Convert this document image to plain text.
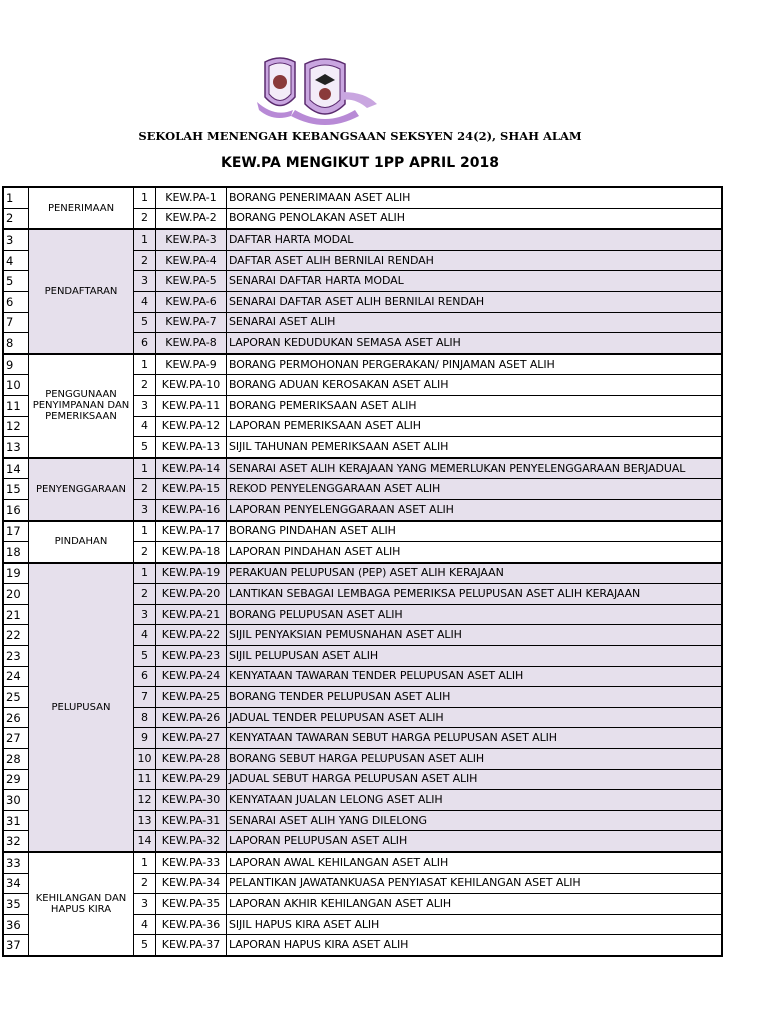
SEKOLAH MENENGAH KEBANGSAAN SEKSYEN 24(2), SHAH ALAM
KEW.PA MENGIKUT 1PP APRIL 2018
1	PENERIMAAN	1	KEW.PA-1	BORANG PENERIMAAN ASET ALIH
2		2	KEW.PA-2	BORANG PENOLAKAN ASET ALIH
3	PENDAFTARAN	1	KEW.PA-3	DAFTAR HARTA MODAL
4		2	KEW.PA-4	DAFTAR ASET ALIH BERNILAI RENDAH
5		3	KEW.PA-5	SENARAI DAFTAR HARTA MODAL
6		4	KEW.PA-6	SENARAI DAFTAR ASET ALIH BERNILAI RENDAH
7		5	KEW.PA-7	SENARAI ASET ALIH
8		6	KEW.PA-8	LAPORAN KEDUDUKAN SEMASA ASET ALIH
9	PENGGUNAAN PENYIMPANAN DAN PEMERIKSAAN	1	KEW.PA-9	BORANG PERMOHONAN PERGERAKAN/ PINJAMAN ASET ALIH
10		2	KEW.PA-10	BORANG ADUAN KEROSAKAN ASET ALIH
11		3	KEW.PA-11	BORANG PEMERIKSAAN ASET ALIH
12		4	KEW.PA-12	LAPORAN PEMERIKSAAN ASET ALIH
13		5	KEW.PA-13	SIJIL TAHUNAN PEMERIKSAAN ASET ALIH
14	PENYENGGARAAN	1	KEW.PA-14	SENARAI ASET ALIH KERAJAAN YANG MEMERLUKAN PENYELENGGARAAN BERJADUAL
15		2	KEW.PA-15	REKOD PENYELENGGARAAN ASET ALIH
16		3	KEW.PA-16	LAPORAN PENYELENGGARAAN ASET ALIH
17	PINDAHAN	1	KEW.PA-17	BORANG PINDAHAN ASET ALIH
18		2	KEW.PA-18	LAPORAN PINDAHAN ASET ALIH
19	PELUPUSAN	1	KEW.PA-19	PERAKUAN PELUPUSAN (PEP) ASET ALIH KERAJAAN
20		2	KEW.PA-20	LANTIKAN SEBAGAI LEMBAGA PEMERIKSA PELUPUSAN ASET ALIH KERAJAAN
21		3	KEW.PA-21	BORANG PELUPUSAN ASET ALIH
22		4	KEW.PA-22	SIJIL PENYAKSIAN PEMUSNAHAN ASET ALIH
23		5	KEW.PA-23	SIJIL PELUPUSAN ASET ALIH
24		6	KEW.PA-24	KENYATAAN TAWARAN TENDER PELUPUSAN ASET ALIH
25		7	KEW.PA-25	BORANG TENDER PELUPUSAN ASET ALIH
26		8	KEW.PA-26	JADUAL TENDER PELUPUSAN ASET ALIH
27		9	KEW.PA-27	KENYATAAN TAWARAN SEBUT HARGA PELUPUSAN ASET ALIH
28		10	KEW.PA-28	BORANG SEBUT HARGA PELUPUSAN ASET ALIH
29		11	KEW.PA-29	JADUAL SEBUT HARGA PELUPUSAN ASET ALIH
30		12	KEW.PA-30	KENYATAAN JUALAN LELONG ASET ALIH
31		13	KEW.PA-31	SENARAI ASET ALIH YANG DILELONG
32		14	KEW.PA-32	LAPORAN PELUPUSAN ASET ALIH
33	KEHILANGAN DAN HAPUS KIRA	1	KEW.PA-33	LAPORAN AWAL KEHILANGAN ASET ALIH
34		2	KEW.PA-34	PELANTIKAN JAWATANKUASA PENYIASAT KEHILANGAN ASET ALIH
35		3	KEW.PA-35	LAPORAN AKHIR KEHILANGAN ASET ALIH
36		4	KEW.PA-36	SIJIL HAPUS KIRA ASET ALIH
37		5	KEW.PA-37	LAPORAN HAPUS KIRA ASET ALIH
